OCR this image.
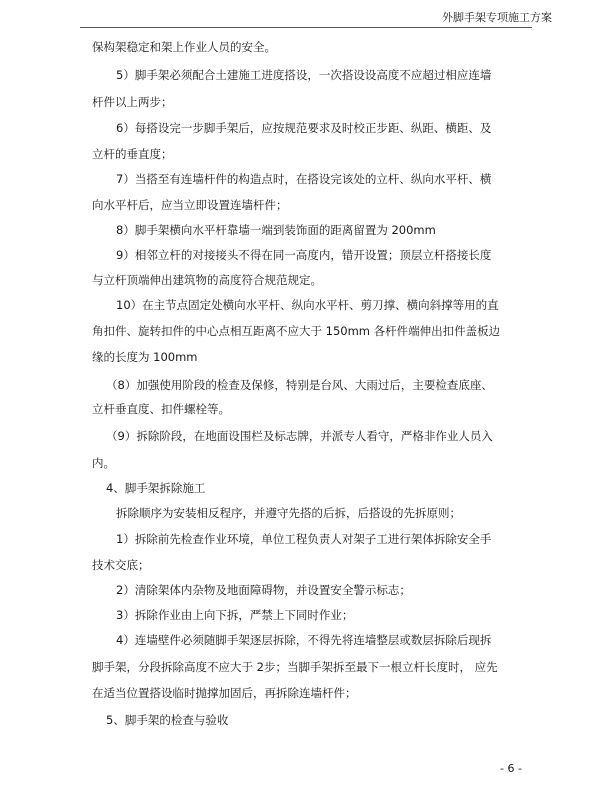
外脚手架专项施工方案
保构架稳定和架上作业人员的安全。
5）脚手架必须配合土建施工进度搭设，一次搭设设高度不应超过相应连墙
杆件以上两步；
6）每搭设完一步脚手架后，应按规范要求及时校正步距、纵距、横距、及
立杆的垂直度；
7）当搭至有连墙杆件的构造点时，在搭设完该处的立杆、纵向水平杆、横
向水平杆后，应当立即设置连墙杆件；
8）脚手架横向水平杆靠墙一端到装饰面的距离留置为 200mm
9）相邻立杆的对接接头不得在同一高度内，错开设置；顶层立杆搭接长度
与立杆顶端伸出建筑物的高度符合规范规定。
10）在主节点固定处横向水平杆、纵向水平杆、剪刀撑、横向斜撑等用的直
角扣件、旋转扣件的中心点相互距离不应大于 150mm 各杆件端伸出扣件盖板边
缘的长度为 100mm
（8）加强使用阶段的检查及保修，特别是台风、大雨过后，主要检查底座、
立杆垂直度、扣件螺栓等。
（9）拆除阶段，在地面设围栏及标志牌，并派专人看守，严格非作业人员入
内。
4、脚手架拆除施工
拆除顺序为安装相反程序，并遵守先搭的后拆，后搭设的先拆原则；
1）拆除前先检查作业环境，单位工程负责人对架子工进行架体拆除安全手
技术交底；
2）清除架体内杂物及地面障碍物，并设置安全警示标志；
3）拆除作业由上向下拆，严禁上下同时作业；
4）连墙壁件必须随脚手架逐层拆除，不得先将连墙整层或数层拆除后现拆
脚手架，分段拆除高度不应大于 2步；当脚手架拆至最下一根立杆长度时， 应先
在适当位置搭设临时抛撑加固后，再拆除连墙杆件；
5、脚手架的检查与验收
- 6 -
